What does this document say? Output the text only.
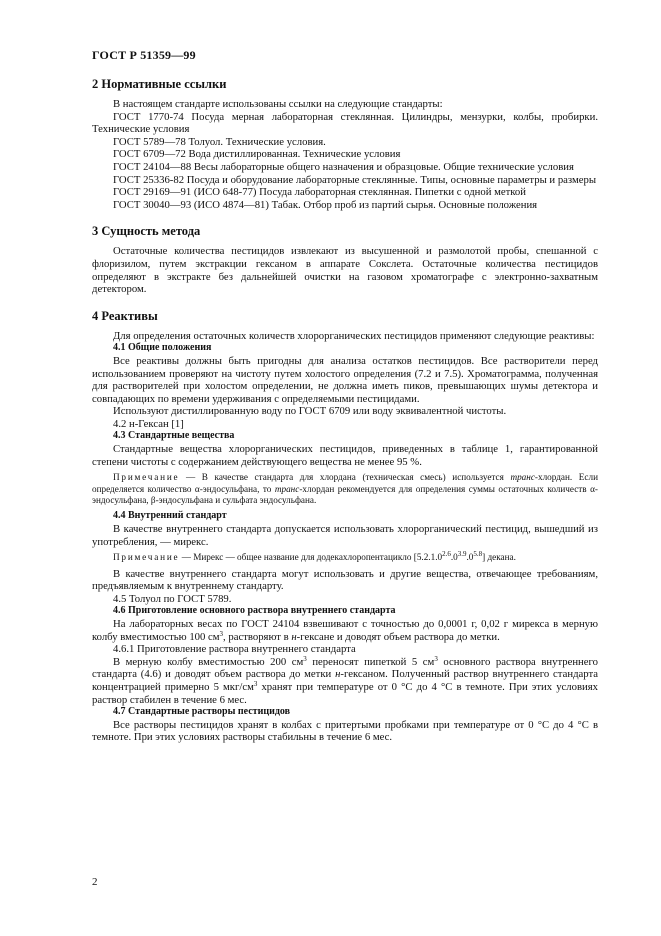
ГОСТ Р 51359—99
2 Нормативные ссылки

В настоящем стандарте использованы ссылки на следующие стандарты:

ГОСТ 1770-74 Посуда мерная лабораторная стеклянная. Цилиндры, мензурки, колбы, пробирки. Технические условия

ГОСТ 5789—78 Толуол. Технические условия.

ГОСТ 6709—72 Вода дистиллированная. Технические условия

ГОСТ 24104—88 Весы лабораторные общего назначения и образцовые. Общие технические условия

ГОСТ 25336-82 Посуда и оборудование лабораторные стеклянные. Типы, основные параметры и размеры

ГОСТ 29169—91 (ИСО 648-77) Посуда лабораторная стеклянная. Пипетки с одной меткой

ГОСТ 30040—93 (ИСО 4874—81) Табак. Отбор проб из партий сырья. Основные положения

3 Сущность метода

Остаточные количества пестицидов извлекают из высушенной и размолотой пробы, спешанной с флоризилом, путем экстракции гексаном в аппарате Сокслета. Остаточные количества пестицидов определяют в экстракте без дальнейшей очистки на газовом хроматографе с электронно-захватным детектором.

4 Реактивы

Для определения остаточных количеств хлорорганических пестицидов применяют следующие реактивы:

4.1 Общие положения

Все реактивы должны быть пригодны для анализа остатков пестицидов. Все растворители перед использованием проверяют на чистоту путем холостого определения (7.2 и 7.5). Хроматограмма, полученная для растворителей при холостом определении, не должна иметь пиков, превышающих шумы детектора и совпадающих по времени удерживания с определяемыми пестицидами.

Используют дистиллированную воду по ГОСТ 6709 или воду эквивалентной чистоты.

4.2 н-Гексан [1]

4.3 Стандартные вещества

Стандартные вещества хлорорганических пестицидов, приведенных в таблице 1, гарантированной степени чистоты с содержанием действующего вещества не менее 95 %.

Примечание — В качестве стандарта для хлордана (техническая смесь) используется транс-хлордан. Если определяется количество α-эндосульфана, то транс-хлордан рекомендуется для определения суммы остаточных количеств α-эндосульфана, β-эндосульфана и сульфата эндосульфана.

4.4 Внутренний стандарт

В качестве внутреннего стандарта допускается использовать хлорорганический пестицид, вышедший из употребления, — мирекс.

Примечание — Мирекс — общее название для додекахлоропентацикло $[5.2.1.0^{2.6}.0^{3.9}.0^{5.8}]$ декана.

В качестве внутреннего стандарта могут использовать и другие вещества, отвечающее требованиям, предъявляемым к внутреннему стандарту.

4.5 Толуол по ГОСТ 5789.

4.6 Приготовление основного раствора внутреннего стандарта

На лабораторных весах по ГОСТ 24104 взвешивают с точностью до 0,0001 г, 0,02 г мирекса в мерную колбу вместимостью 100 $см^3$, растворяют в н-гексане и доводят объем раствора до метки.

4.6.1 Приготовление раствора внутреннего стандарта

В мерную колбу вместимостью 200 $см^3$ переносят пипеткой 5 $см^3$ основного раствора внутреннего стандарта (4.6) и доводят объем раствора до метки н-гексаном. Полученный раствор внутреннего стандарта концентрацией примерно 5 мкг/$см^3$ хранят при температуре от 0 °С до 4 °С в темноте. При этих условиях раствор стабилен в течение 6 мес.

4.7 Стандартные растворы пестицидов

Все растворы пестицидов хранят в колбах с притертыми пробками при температуре от 0 °С до 4 °С в темноте. При этих условиях растворы стабильны в течение 6 мес.

2
